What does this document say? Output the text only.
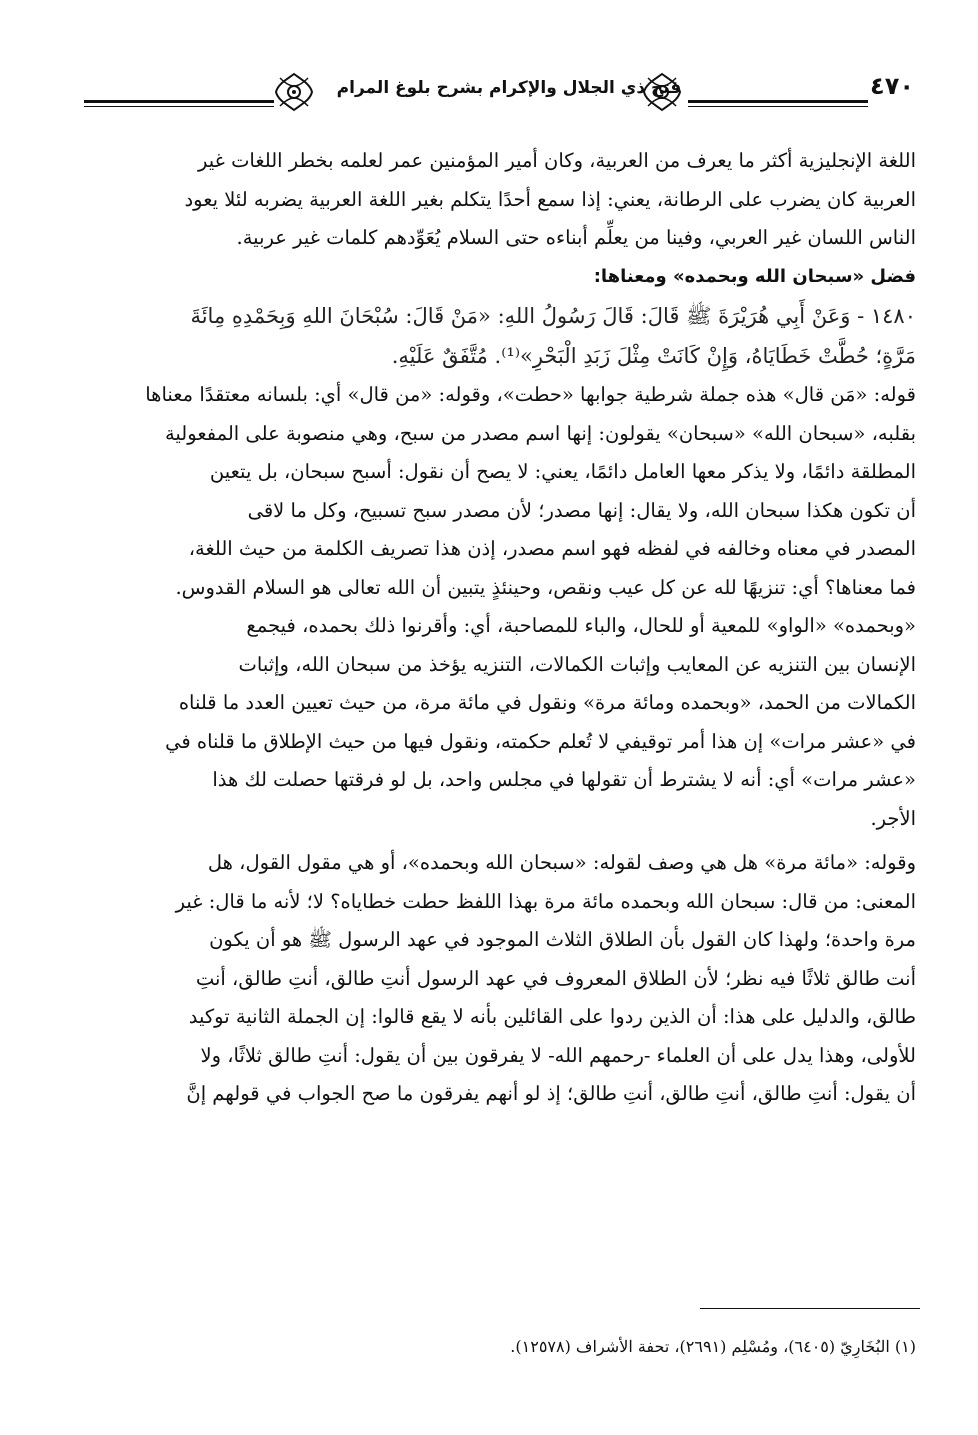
٤٧٠
فتح ذي الجلال والإكرام بشرح بلوغ المرام

اللغة الإنجليزية أكثر ما يعرف من العربية، وكان أمير المؤمنين عمر لعلمه بخطر اللغات غير

العربية كان يضرب على الرطانة، يعني: إذا سمع أحدًا يتكلم بغير اللغة العربية يضربه لئلا يعود

الناس اللسان غير العربي، وفينا من يعلِّم أبناءه حتى السلام يُعَوِّدهم كلمات غير عربية.

فضل «سبحان الله وبحمده» ومعناها:

١٤٨٠ - وَعَنْ أَبِي هُرَيْرَةَ ﷺ قَالَ: قَالَ رَسُولُ اللهِ: «مَنْ قَالَ: سُبْحَانَ اللهِ وَبِحَمْدِهِ مِائَةَ

مَرَّةٍ؛ حُطَّتْ خَطَايَاهُ، وَإِنْ كَانَتْ مِثْلَ زَبَدِ الْبَحْرِ»⁽¹⁾. مُتَّفَقٌ عَلَيْهِ.

قوله: «مَن قال» هذه جملة شرطية جوابها «حطت»، وقوله: «من قال» أي: بلسانه معتقدًا معناها

بقلبه، «سبحان الله» «سبحان» يقولون: إنها اسم مصدر من سبح، وهي منصوبة على المفعولية

المطلقة دائمًا، ولا يذكر معها العامل دائمًا، يعني: لا يصح أن نقول: أسبح سبحان، بل يتعين

أن تكون هكذا سبحان الله، ولا يقال: إنها مصدر؛ لأن مصدر سبح تسبيح، وكل ما لاقى

المصدر في معناه وخالفه في لفظه فهو اسم مصدر، إذن هذا تصريف الكلمة من حيث اللغة،

فما معناها؟ أي: تنزيهًا لله عن كل عيب ونقص، وحينئذٍ يتبين أن الله تعالى هو السلام القدوس.

«وبحمده» «الواو» للمعية أو للحال، والباء للمصاحبة، أي: وأقرنوا ذلك بحمده، فيجمع

الإنسان بين التنزيه عن المعايب وإثبات الكمالات، التنزيه يؤخذ من سبحان الله، وإثبات

الكمالات من الحمد، «وبحمده ومائة مرة» ونقول في مائة مرة، من حيث تعيين العدد ما قلناه

في «عشر مرات» إن هذا أمر توقيفي لا تُعلم حكمته، ونقول فيها من حيث الإطلاق ما قلناه في

«عشر مرات» أي: أنه لا يشترط أن تقولها في مجلس واحد، بل لو فرقتها حصلت لك هذا

الأجر.

وقوله: «مائة مرة» هل هي وصف لقوله: «سبحان الله وبحمده»، أو هي مقول القول، هل

المعنى: من قال: سبحان الله وبحمده مائة مرة بهذا اللفظ حطت خطاياه؟ لا؛ لأنه ما قال: غير

مرة واحدة؛ ولهذا كان القول بأن الطلاق الثلاث الموجود في عهد الرسول ﷺ هو أن يكون

أنت طالق ثلاثًا فيه نظر؛ لأن الطلاق المعروف في عهد الرسول أنتِ طالق، أنتِ طالق، أنتِ

طالق، والدليل على هذا: أن الذين ردوا على القائلين بأنه لا يقع قالوا: إن الجملة الثانية توكيد

للأولى، وهذا يدل على أن العلماء -رحمهم الله- لا يفرقون بين أن يقول: أنتِ طالق ثلاثًا، ولا

أن يقول: أنتِ طالق، أنتِ طالق، أنتِ طالق؛ إذ لو أنهم يفرقون ما صح الجواب في قولهم إنَّ

(١) البُخَارِيّ (٦٤٠٥)، ومُسْلِم (٢٦٩١)، تحفة الأشراف (١٢٥٧٨).
